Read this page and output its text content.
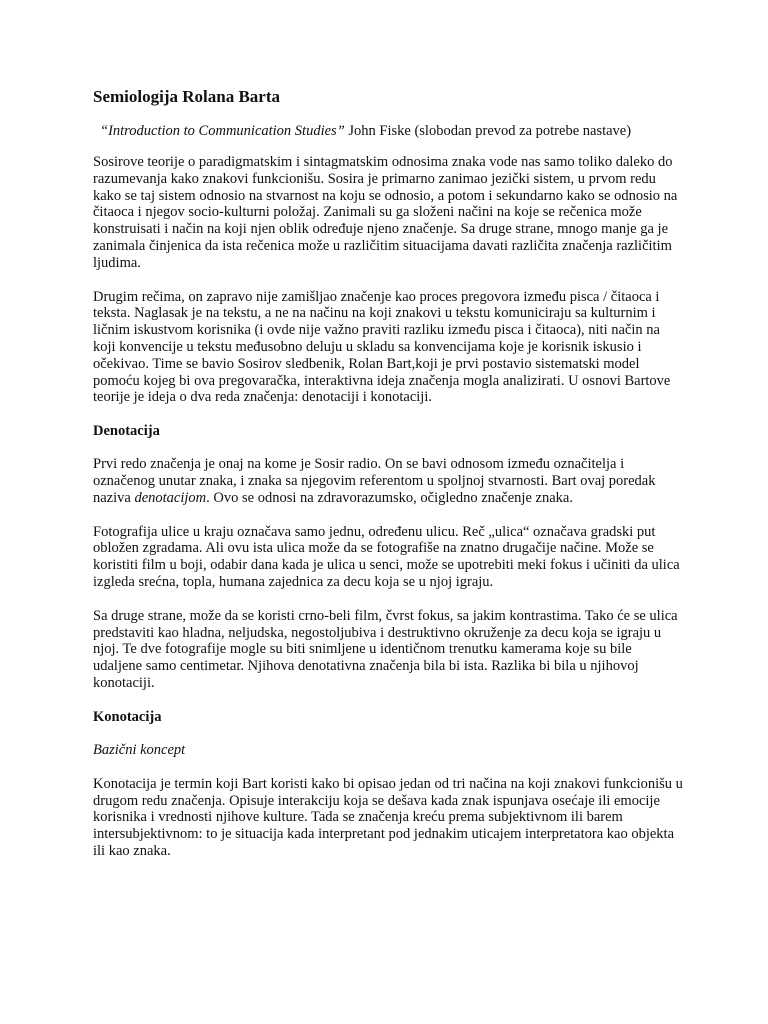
Semiologija Rolana Barta
“Introduction to Communication Studies” John Fiske (slobodan prevod za potrebe nastave)

Sosirove teorije o paradigmatskim i sintagmatskim odnosima znaka vode nas samo toliko daleko do razumevanja kako znakovi funkcionišu. Sosira je primarno zanimao jezički sistem, u prvom redu kako se taj sistem odnosio na stvarnost na koju se odnosio, a potom i sekundarno kako se odnosio na čitaoca i njegov socio-kulturni položaj. Zanimali su ga složeni načini na koje se rečenica može konstruisati i način na koji njen oblik određuje njeno značenje. Sa druge strane, mnogo manje ga je zanimala činjenica da ista rečenica može u različitim situacijama davati različita značenja različitim ljudima.

Drugim rečima, on zapravo nije zamišljao značenje kao proces pregovora između pisca / čitaoca i teksta. Naglasak je na tekstu, a ne na načinu na koji znakovi u tekstu komuniciraju sa kulturnim i ličnim iskustvom korisnika (i ovde nije važno praviti razliku između pisca i čitaoca), niti način na koji konvencije u tekstu međusobno deluju u skladu sa konvencijama koje je korisnik iskusio i očekivao. Time se bavio Sosirov sledbenik, Rolan Bart,koji je prvi postavio sistematski model pomoću kojeg bi ova pregovaračka, interaktivna ideja značenja mogla analizirati. U osnovi Bartove teorije je ideja o dva reda značenja: denotaciji i konotaciji.

Denotacija

Prvi redo značenja je onaj na kome je Sosir radio. On se bavi odnosom između označitelja i označenog unutar znaka, i znaka sa njegovim referentom u spoljnoj stvarnosti. Bart ovaj poredak naziva denotacijom. Ovo se odnosi na zdravorazumsko, očigledno značenje znaka.

Fotografija ulice u kraju označava samo jednu, određenu ulicu. Reč „ulica“ označava gradski put obložen zgradama. Ali ovu ista ulica može da se fotografiše na znatno drugačije načine. Može se koristiti film u boji, odabir dana kada je ulica u senci, može se upotrebiti meki fokus i učiniti da ulica izgleda srećna, topla, humana zajednica za decu koja se u njoj igraju.

Sa druge strane, može da se koristi crno-beli film, čvrst fokus, sa jakim kontrastima. Tako će se ulica predstaviti kao hladna, neljudska, negostoljubiva i destruktivno okruženje za decu koja se igraju u njoj. Te dve fotografije mogle su biti snimljene u identičnom trenutku kamerama koje su bile udaljene samo centimetar. Njihova denotativna značenja bila bi ista. Razlika bi bila u njihovoj konotaciji.

Konotacija
Bazični koncept

Konotacija je termin koji Bart koristi kako bi opisao jedan od tri načina na koji znakovi funkcionišu u drugom redu značenja. Opisuje interakciju koja se dešava kada znak ispunjava osećaje ili emocije korisnika i vrednosti njihove kulture. Tada se značenja kreću prema subjektivnom ili barem intersubjektivnom: to je situacija kada interpretant pod jednakim uticajem interpretatora kao objekta ili kao znaka.
